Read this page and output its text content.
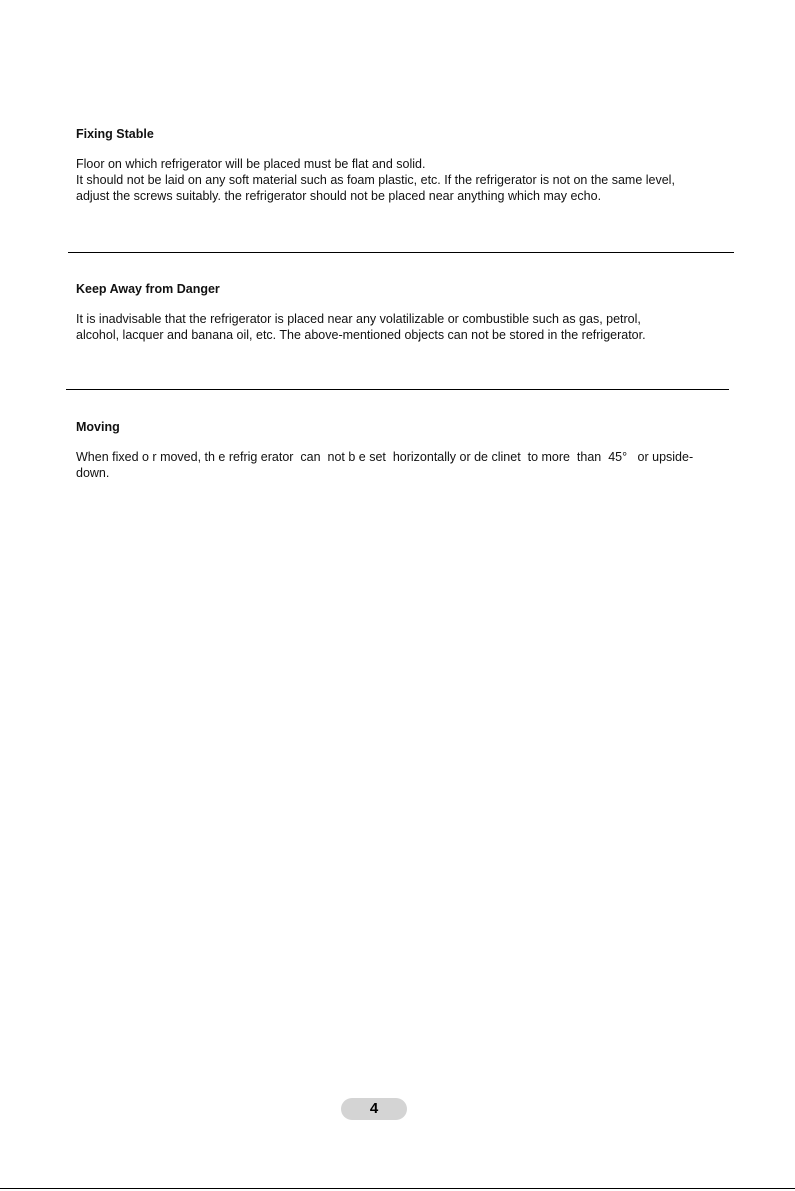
Fixing Stable

Floor on which refrigerator will be placed must be flat and solid.
It should not be laid on any soft material such as foam plastic, etc. If the refrigerator is not on the same level,
adjust the screws suitably. the refrigerator should not be placed near anything which may echo.

Keep Away from Danger

It is inadvisable that the refrigerator is placed near any volatilizable or combustible such as gas, petrol,
alcohol, lacquer and banana oil, etc. The above-mentioned objects can not be stored in the refrigerator.

Moving

When fixed o r moved, th e refrig erator  can  not b e set  horizontally or de clinet  to more  than  45°   or upside-
down.

4
